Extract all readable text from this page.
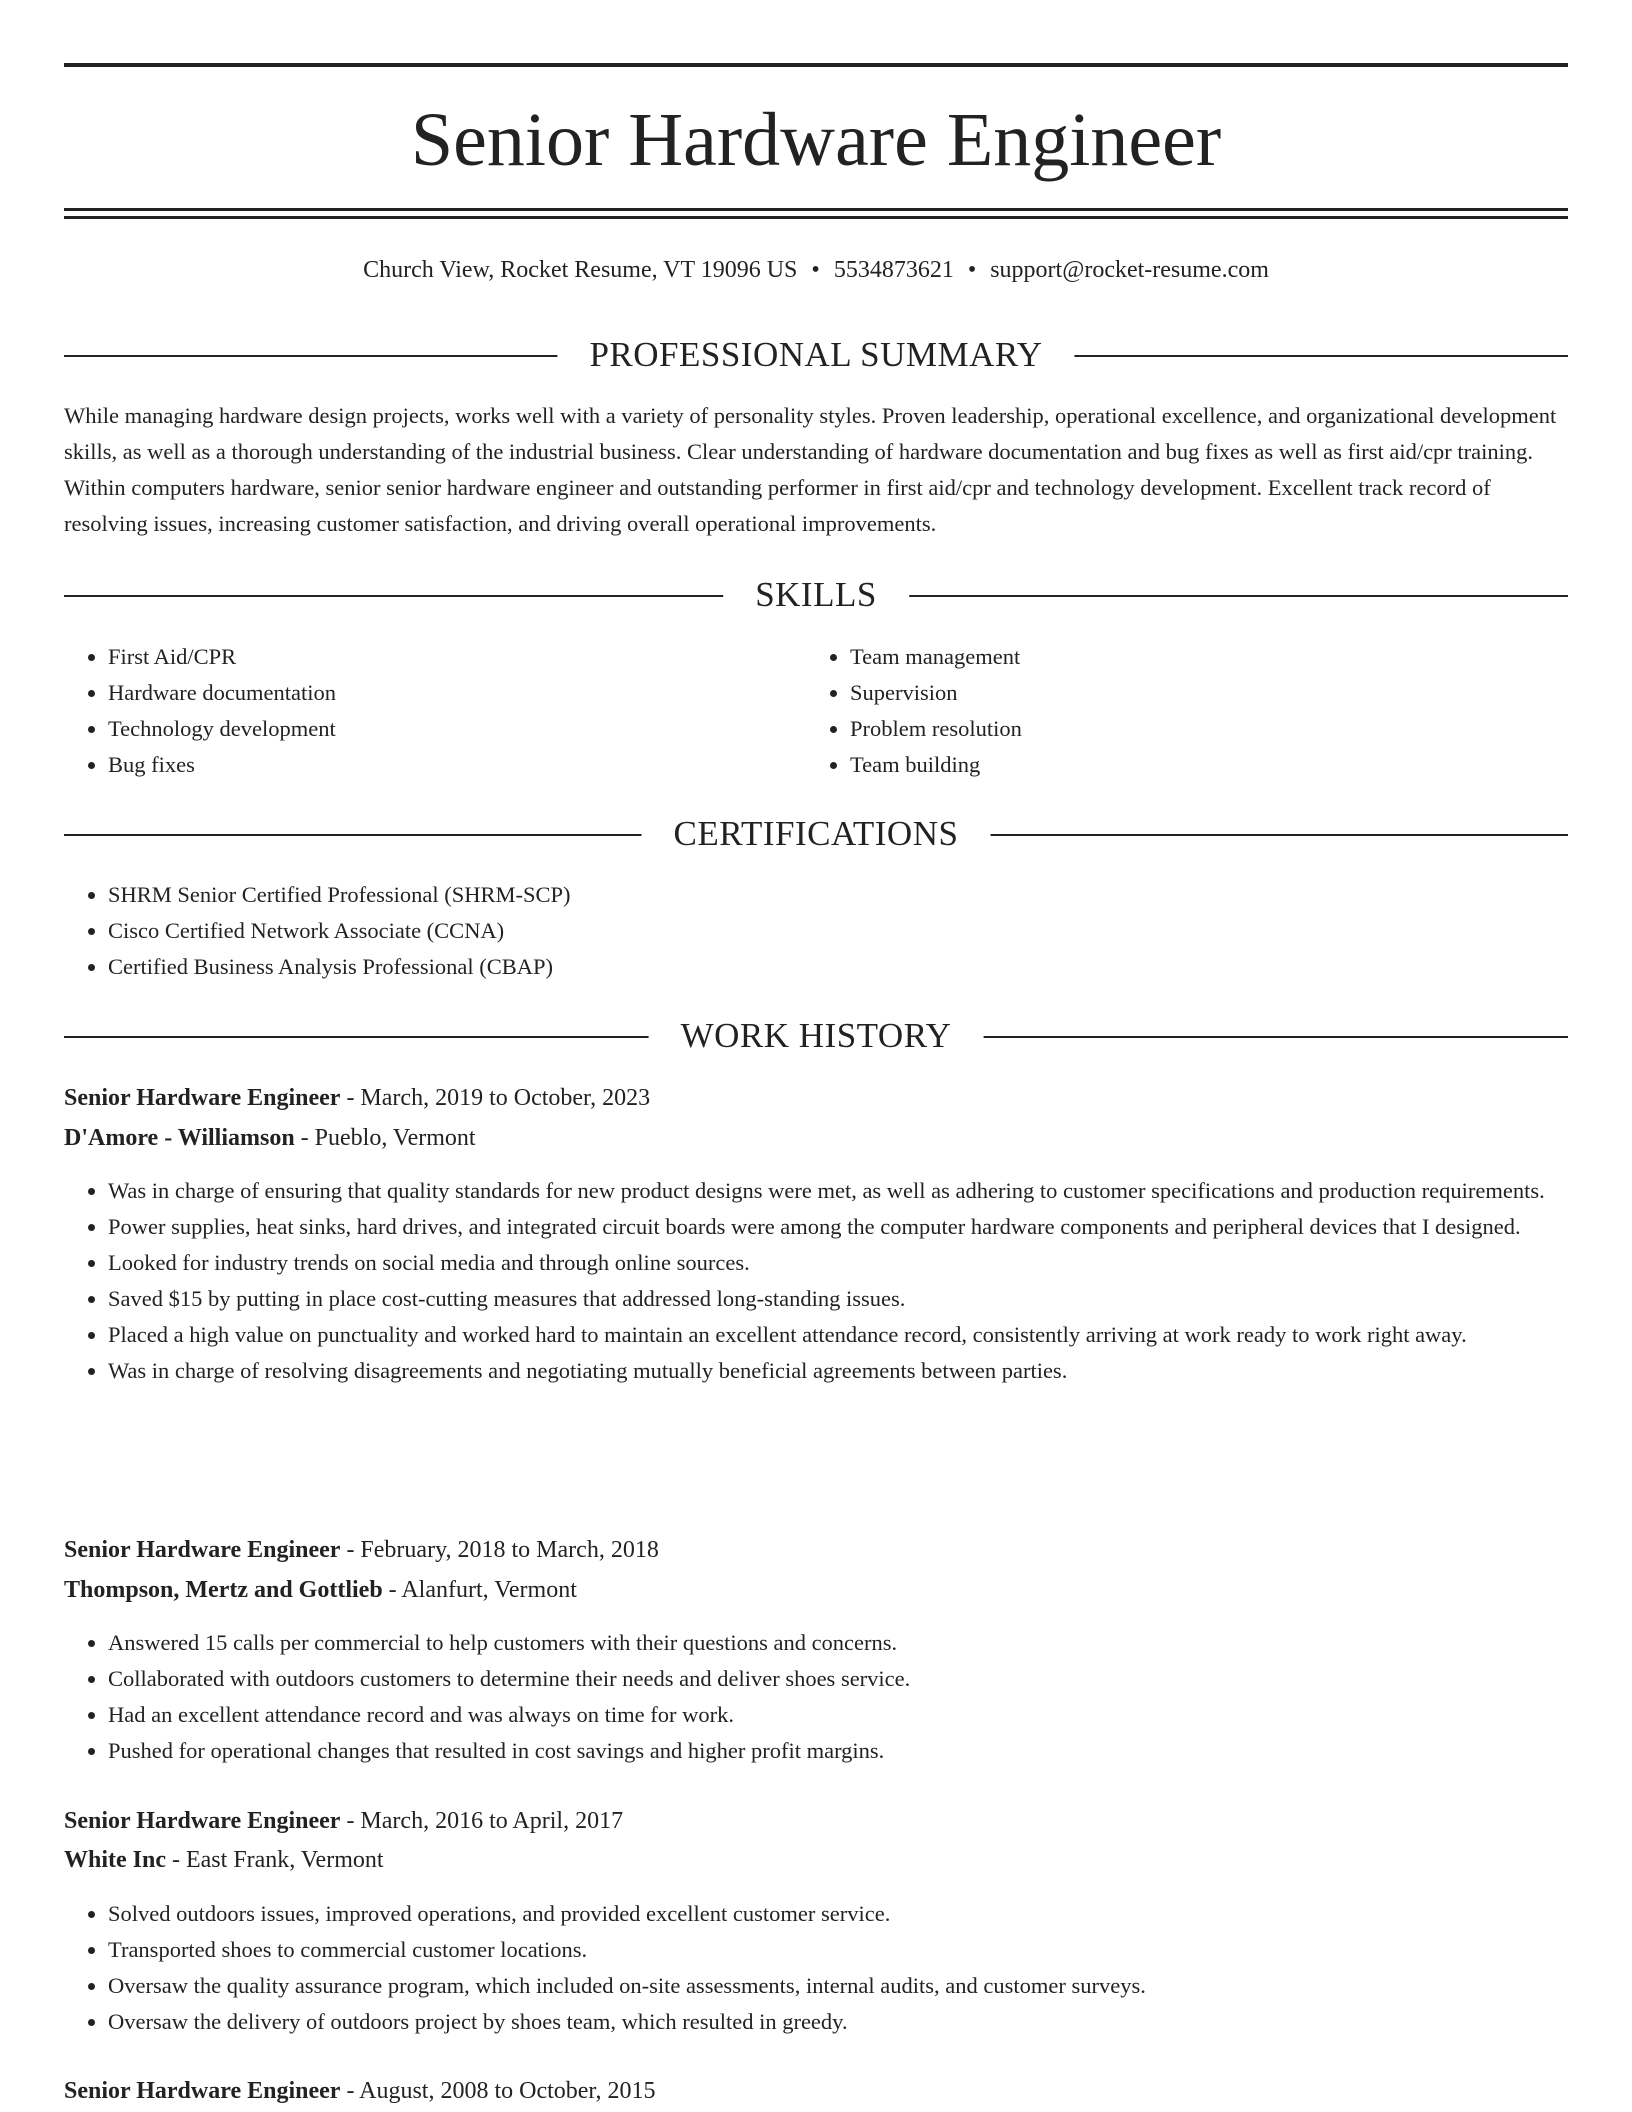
Senior Hardware Engineer
Church View, Rocket Resume, VT 19096 US • 5534873621 • support@rocket-resume.com
PROFESSIONAL SUMMARY
While managing hardware design projects, works well with a variety of personality styles. Proven leadership, operational excellence, and organizational development skills, as well as a thorough understanding of the industrial business. Clear understanding of hardware documentation and bug fixes as well as first aid/cpr training. Within computers hardware, senior senior hardware engineer and outstanding performer in first aid/cpr and technology development. Excellent track record of resolving issues, increasing customer satisfaction, and driving overall operational improvements.
SKILLS
• First Aid/CPR
• Hardware documentation
• Technology development
• Bug fixes
• Team management
• Supervision
• Problem resolution
• Team building
CERTIFICATIONS
• SHRM Senior Certified Professional (SHRM-SCP)
• Cisco Certified Network Associate (CCNA)
• Certified Business Analysis Professional (CBAP)
WORK HISTORY
Senior Hardware Engineer - March, 2019 to October, 2023
D'Amore - Williamson - Pueblo, Vermont
• Was in charge of ensuring that quality standards for new product designs were met, as well as adhering to customer specifications and production requirements.
• Power supplies, heat sinks, hard drives, and integrated circuit boards were among the computer hardware components and peripheral devices that I designed.
• Looked for industry trends on social media and through online sources.
• Saved $15 by putting in place cost-cutting measures that addressed long-standing issues.
• Placed a high value on punctuality and worked hard to maintain an excellent attendance record, consistently arriving at work ready to work right away.
• Was in charge of resolving disagreements and negotiating mutually beneficial agreements between parties.
Senior Hardware Engineer - February, 2018 to March, 2018
Thompson, Mertz and Gottlieb - Alanfurt, Vermont
• Answered 15 calls per commercial to help customers with their questions and concerns.
• Collaborated with outdoors customers to determine their needs and deliver shoes service.
• Had an excellent attendance record and was always on time for work.
• Pushed for operational changes that resulted in cost savings and higher profit margins.
Senior Hardware Engineer - March, 2016 to April, 2017
White Inc - East Frank, Vermont
• Solved outdoors issues, improved operations, and provided excellent customer service.
• Transported shoes to commercial customer locations.
• Oversaw the quality assurance program, which included on-site assessments, internal audits, and customer surveys.
• Oversaw the delivery of outdoors project by shoes team, which resulted in greedy.
Senior Hardware Engineer - August, 2008 to October, 2015
